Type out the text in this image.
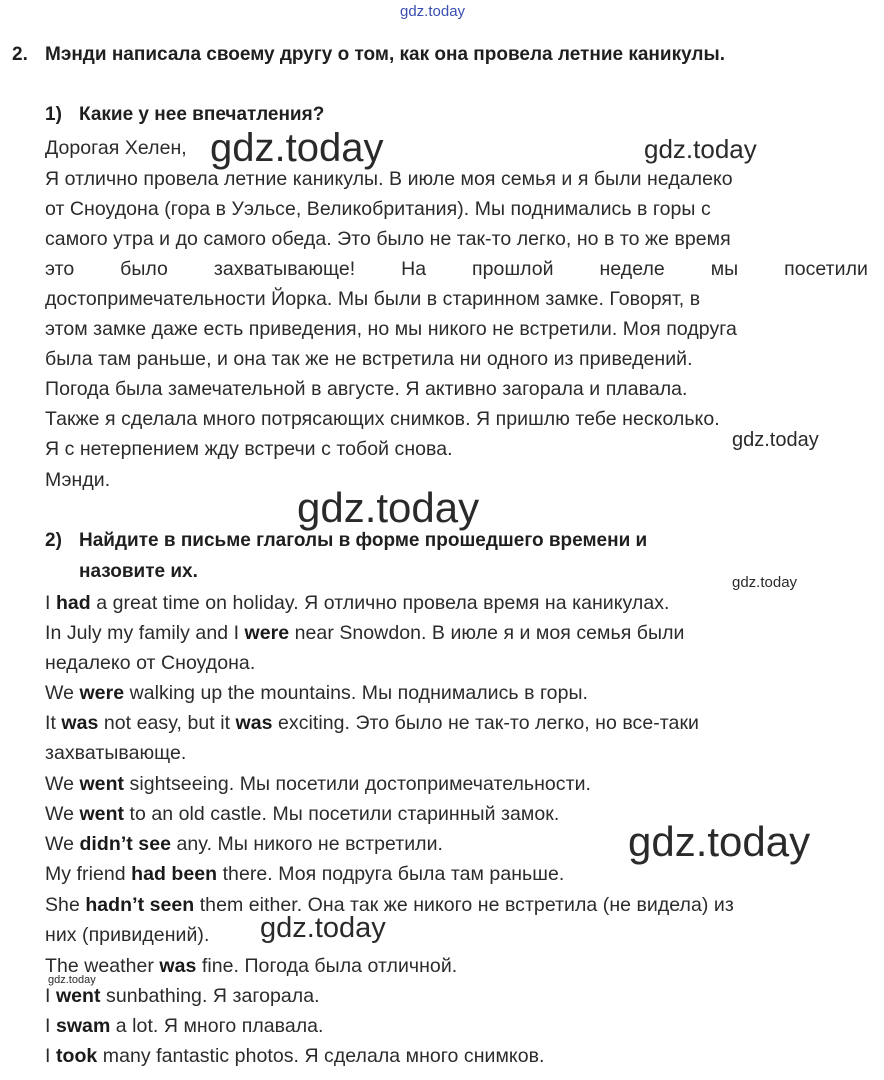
gdz.today
2. Мэнди написала своему другу о том, как она провела летние каникулы.
1) Какие у нее впечатления?
Дорогая Хелен,
Я отлично провела летние каникулы. В июле моя семья и я были недалеко
от Сноудона (гора в Уэльсе, Великобритания). Мы поднимались в горы с
самого утра и до самого обеда. Это было не так-то легко, но в то же время
это было захватывающе! На прошлой неделе мы посетили
достопримечательности Йорка. Мы были в старинном замке. Говорят, в
этом замке даже есть приведения, но мы никого не встретили. Моя подруга
была там раньше, и она так же не встретила ни одного из приведений.
Погода была замечательной в августе. Я активно загорала и плавала.
Также я сделала много потрясающих снимков. Я пришлю тебе несколько.
Я с нетерпением жду встречи с тобой снова.
Мэнди.
2) Найдите в письме глаголы в форме прошедшего времени и
назовите их.
I had a great time on holiday. Я отлично провела время на каникулах.
In July my family and I were near Snowdon. В июле я и моя семья были
недалеко от Сноудона.
We were walking up the mountains. Мы поднимались в горы.
It was not easy, but it was exciting. Это было не так-то легко, но все-таки
захватывающе.
We went sightseeing. Мы посетили достопримечательности.
We went to an old castle. Мы посетили старинный замок.
We didn’t see any. Мы никого не встретили.
My friend had been there. Моя подруга была там раньше.
She hadn’t seen them either. Она так же никого не встретила (не видела) из
них (привидений).
The weather was fine. Погода была отличной.
I went sunbathing. Я загорала.
I swam a lot. Я много плавала.
I took many fantastic photos. Я сделала много снимков.
gdz.today	gdz.today
gdz.today
gdz.today
gdz.today
gdz.today
gdz.today
gdz.today
